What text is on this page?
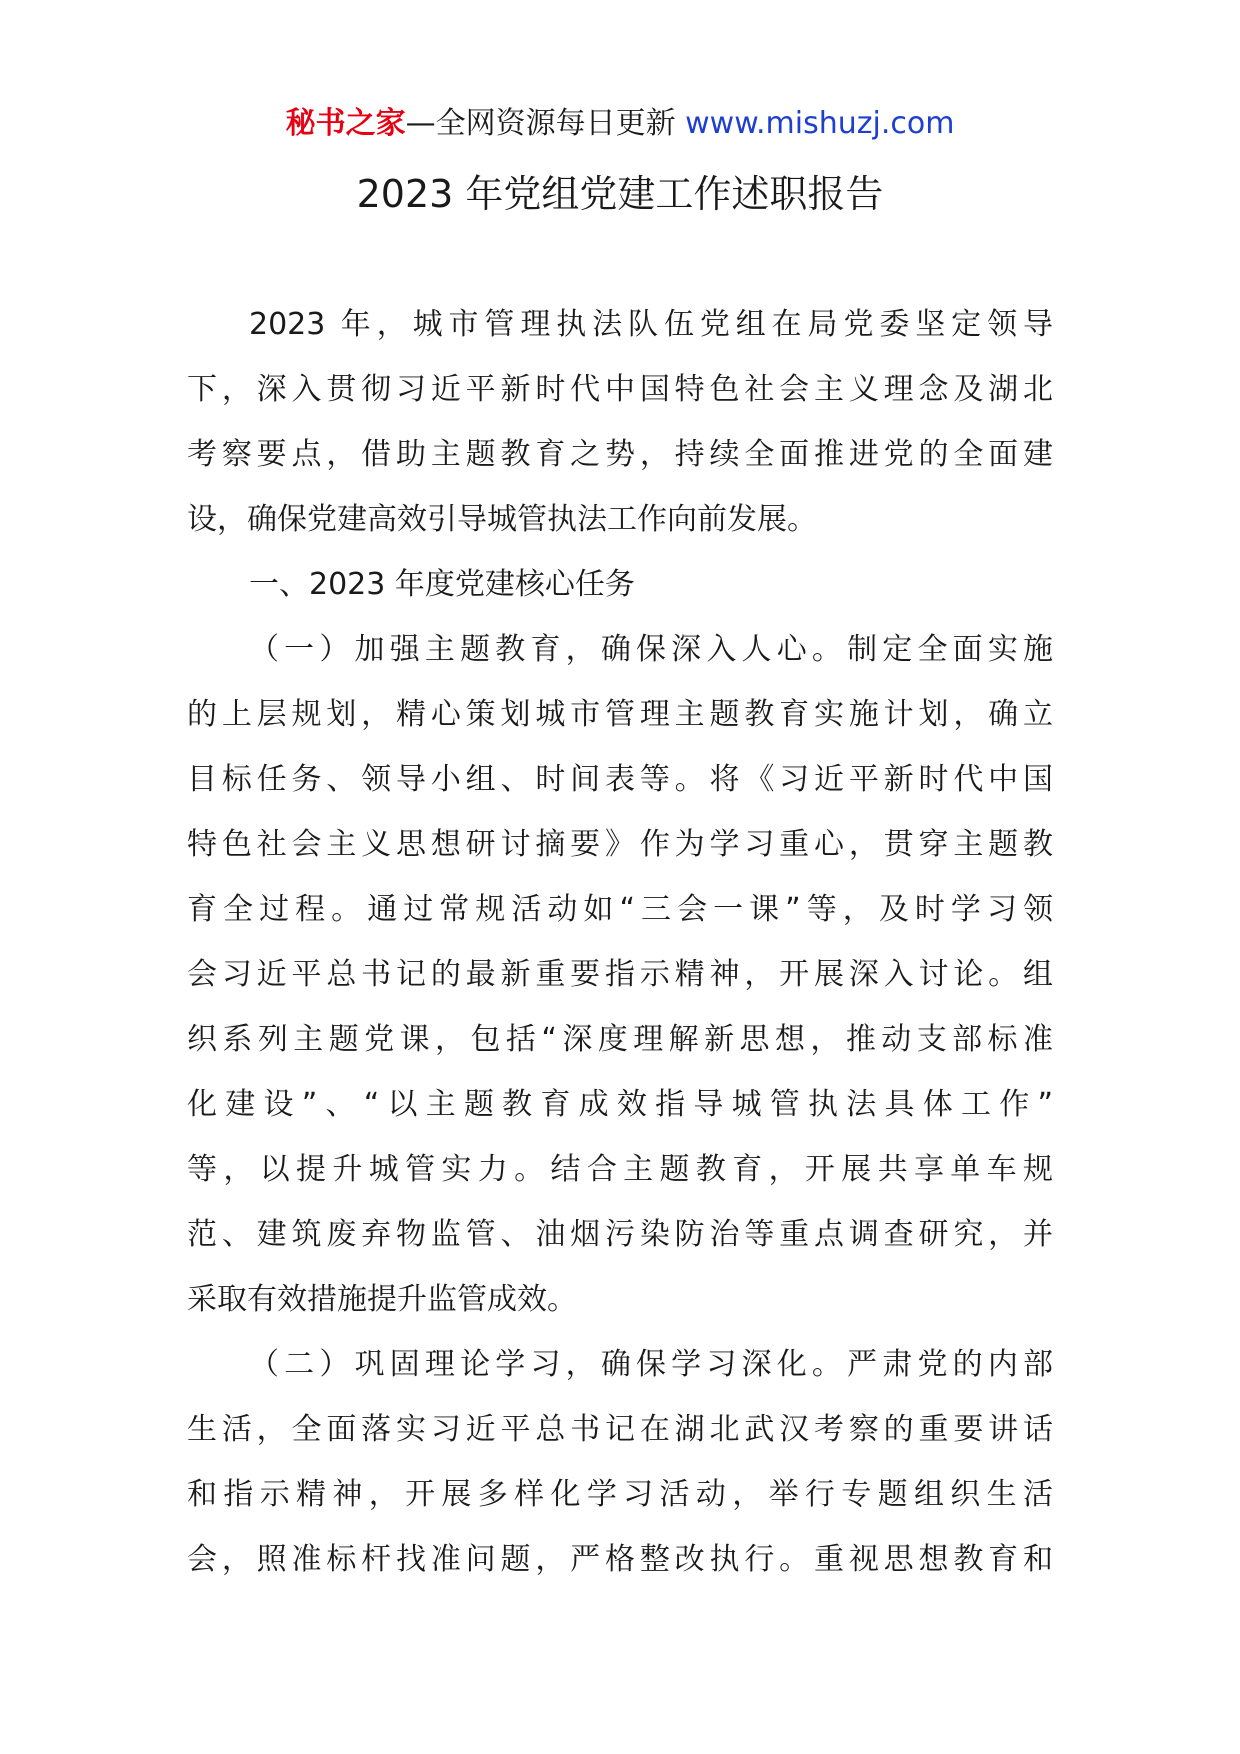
秘书之家—全网资源每日更新 www.mishuzj.com
2023 年党组党建工作述职报告
2023 年，城市管理执法队伍党组在局党委坚定领导
下，深入贯彻习近平新时代中国特色社会主义理念及湖北
考察要点，借助主题教育之势，持续全面推进党的全面建
设，确保党建高效引导城管执法工作向前发展。
一、2023 年度党建核心任务
（一）加强主题教育，确保深入人心。制定全面实施
的上层规划，精心策划城市管理主题教育实施计划，确立
目标任务、领导小组、时间表等。将《习近平新时代中国
特色社会主义思想研讨摘要》作为学习重心，贯穿主题教
育全过程。通过常规活动如“三会一课”等，及时学习领
会习近平总书记的最新重要指示精神，开展深入讨论。组
织系列主题党课，包括“深度理解新思想，推动支部标准
化建设”、“以主题教育成效指导城管执法具体工作”
等，以提升城管实力。结合主题教育，开展共享单车规
范、建筑废弃物监管、油烟污染防治等重点调查研究，并
采取有效措施提升监管成效。
（二）巩固理论学习，确保学习深化。严肃党的内部
生活，全面落实习近平总书记在湖北武汉考察的重要讲话
和指示精神，开展多样化学习活动，举行专题组织生活
会，照准标杆找准问题，严格整改执行。重视思想教育和
